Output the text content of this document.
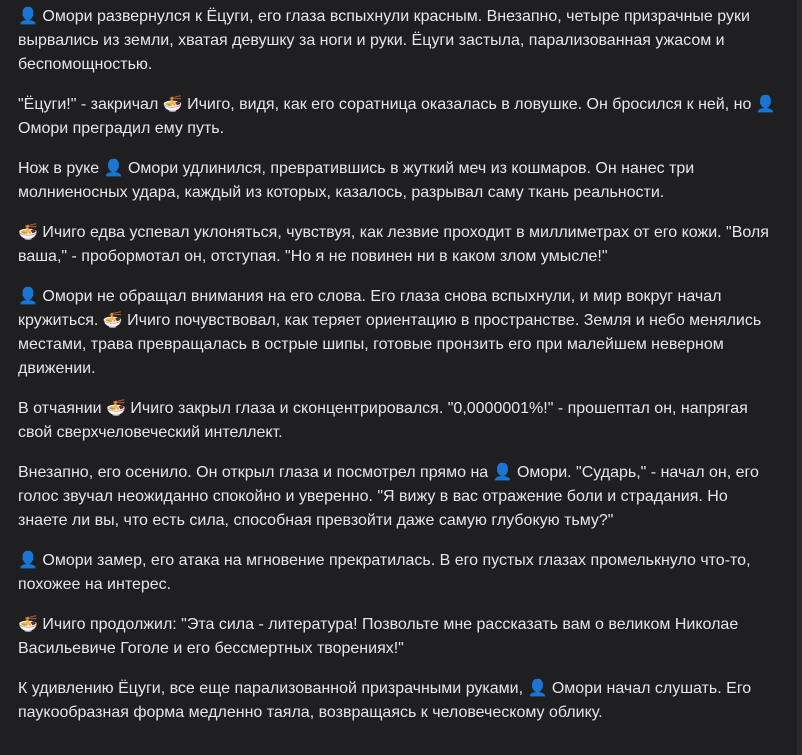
👤 Омори развернулся к Ёцуги, его глаза вспыхнули красным. Внезапно, четыре призрачные руки вырвались из земли, хватая девушку за ноги и руки. Ёцуги застыла, парализованная ужасом и беспомощностью.

"Ёцуги!" - закричал 🍜 Ичиго, видя, как его соратница оказалась в ловушке. Он бросился к ней, но 👤 Омори преградил ему путь.

Нож в руке 👤 Омори удлинился, превратившись в жуткий меч из кошмаров. Он нанес три молниеносных удара, каждый из которых, казалось, разрывал саму ткань реальности.

🍜 Ичиго едва успевал уклоняться, чувствуя, как лезвие проходит в миллиметрах от его кожи. "Воля ваша," - пробормотал он, отступая. "Но я не повинен ни в каком злом умысле!"

👤 Омори не обращал внимания на его слова. Его глаза снова вспыхнули, и мир вокруг начал кружиться. 🍜 Ичиго почувствовал, как теряет ориентацию в пространстве. Земля и небо менялись местами, трава превращалась в острые шипы, готовые пронзить его при малейшем неверном движении.

В отчаянии 🍜 Ичиго закрыл глаза и сконцентрировался. "0,0000001%!" - прошептал он, напрягая свой сверхчеловеческий интеллект.

Внезапно, его осенило. Он открыл глаза и посмотрел прямо на 👤 Омори. "Сударь," - начал он, его голос звучал неожиданно спокойно и уверенно. "Я вижу в вас отражение боли и страдания. Но знаете ли вы, что есть сила, способная превзойти даже самую глубокую тьму?"

👤 Омори замер, его атака на мгновение прекратилась. В его пустых глазах промелькнуло что-то, похожее на интерес.

🍜 Ичиго продолжил: "Эта сила - литература! Позвольте мне рассказать вам о великом Николае Васильевиче Гоголе и его бессмертных творениях!"

К удивлению Ёцуги, все еще парализованной призрачными руками, 👤 Омори начал слушать. Его паукообразная форма медленно таяла, возвращаясь к человеческому облику.
